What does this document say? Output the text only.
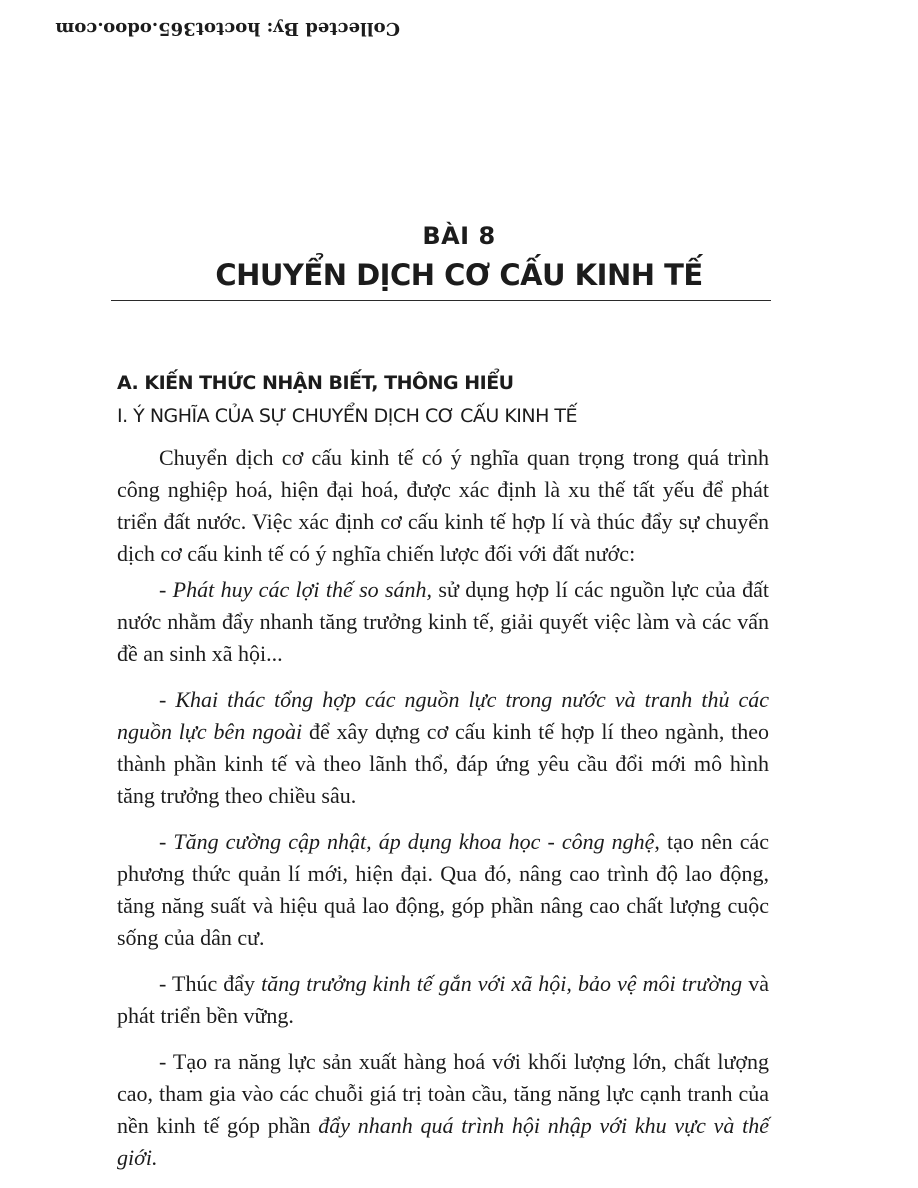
Collected By: hoctot365.odoo.com
BÀI 8
CHUYỂN DỊCH CƠ CẤU KINH TẾ
A. KIẾN THỨC NHẬN BIẾT, THÔNG HIỂU
I. Ý NGHĨA CỦA SỰ CHUYỂN DỊCH CƠ CẤU KINH TẾ

Chuyển dịch cơ cấu kinh tế có ý nghĩa quan trọng trong quá trình công nghiệp hoá, hiện đại hoá, được xác định là xu thế tất yếu để phát triển đất nước. Việc xác định cơ cấu kinh tế hợp lí và thúc đẩy sự chuyển dịch cơ cấu kinh tế có ý nghĩa chiến lược đối với đất nước:

- Phát huy các lợi thế so sánh, sử dụng hợp lí các nguồn lực của đất nước nhằm đẩy nhanh tăng trưởng kinh tế, giải quyết việc làm và các vấn đề an sinh xã hội...

- Khai thác tổng hợp các nguồn lực trong nước và tranh thủ các nguồn lực bên ngoài để xây dựng cơ cấu kinh tế hợp lí theo ngành, theo thành phần kinh tế và theo lãnh thổ, đáp ứng yêu cầu đổi mới mô hình tăng trưởng theo chiều sâu.

- Tăng cường cập nhật, áp dụng khoa học - công nghệ, tạo nên các phương thức quản lí mới, hiện đại. Qua đó, nâng cao trình độ lao động, tăng năng suất và hiệu quả lao động, góp phần nâng cao chất lượng cuộc sống của dân cư.

- Thúc đẩy tăng trưởng kinh tế gắn với xã hội, bảo vệ môi trường và phát triển bền vững.

- Tạo ra năng lực sản xuất hàng hoá với khối lượng lớn, chất lượng cao, tham gia vào các chuỗi giá trị toàn cầu, tăng năng lực cạnh tranh của nền kinh tế góp phần đẩy nhanh quá trình hội nhập với khu vực và thế giới.
